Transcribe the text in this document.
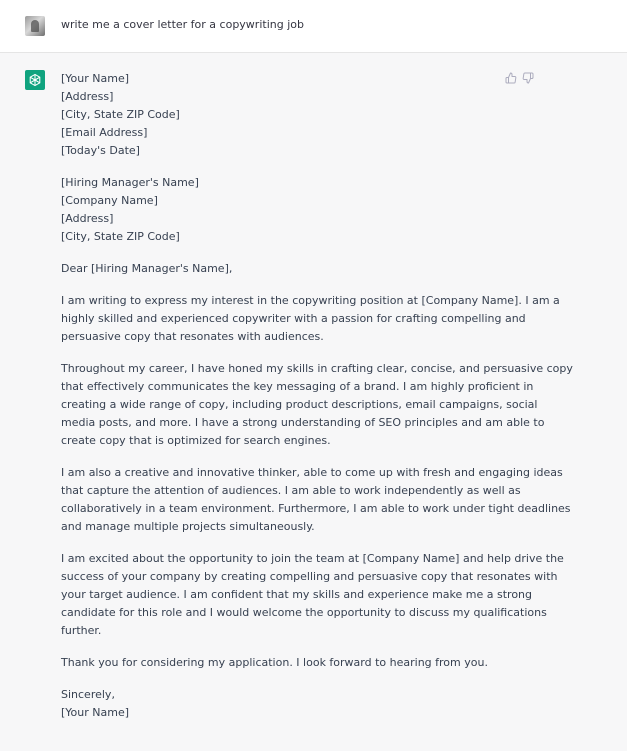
write me a cover letter for a copywriting job
[Your Name]
[Address]
[City, State ZIP Code]
[Email Address]
[Today's Date]
[Hiring Manager's Name]
[Company Name]
[Address]
[City, State ZIP Code]
Dear [Hiring Manager's Name],
I am writing to express my interest in the copywriting position at [Company Name]. I am a
highly skilled and experienced copywriter with a passion for crafting compelling and
persuasive copy that resonates with audiences.
Throughout my career, I have honed my skills in crafting clear, concise, and persuasive copy
that effectively communicates the key messaging of a brand. I am highly proficient in
creating a wide range of copy, including product descriptions, email campaigns, social
media posts, and more. I have a strong understanding of SEO principles and am able to
create copy that is optimized for search engines.
I am also a creative and innovative thinker, able to come up with fresh and engaging ideas
that capture the attention of audiences. I am able to work independently as well as
collaboratively in a team environment. Furthermore, I am able to work under tight deadlines
and manage multiple projects simultaneously.
I am excited about the opportunity to join the team at [Company Name] and help drive the
success of your company by creating compelling and persuasive copy that resonates with
your target audience. I am confident that my skills and experience make me a strong
candidate for this role and I would welcome the opportunity to discuss my qualifications
further.
Thank you for considering my application. I look forward to hearing from you.
Sincerely,
[Your Name]
